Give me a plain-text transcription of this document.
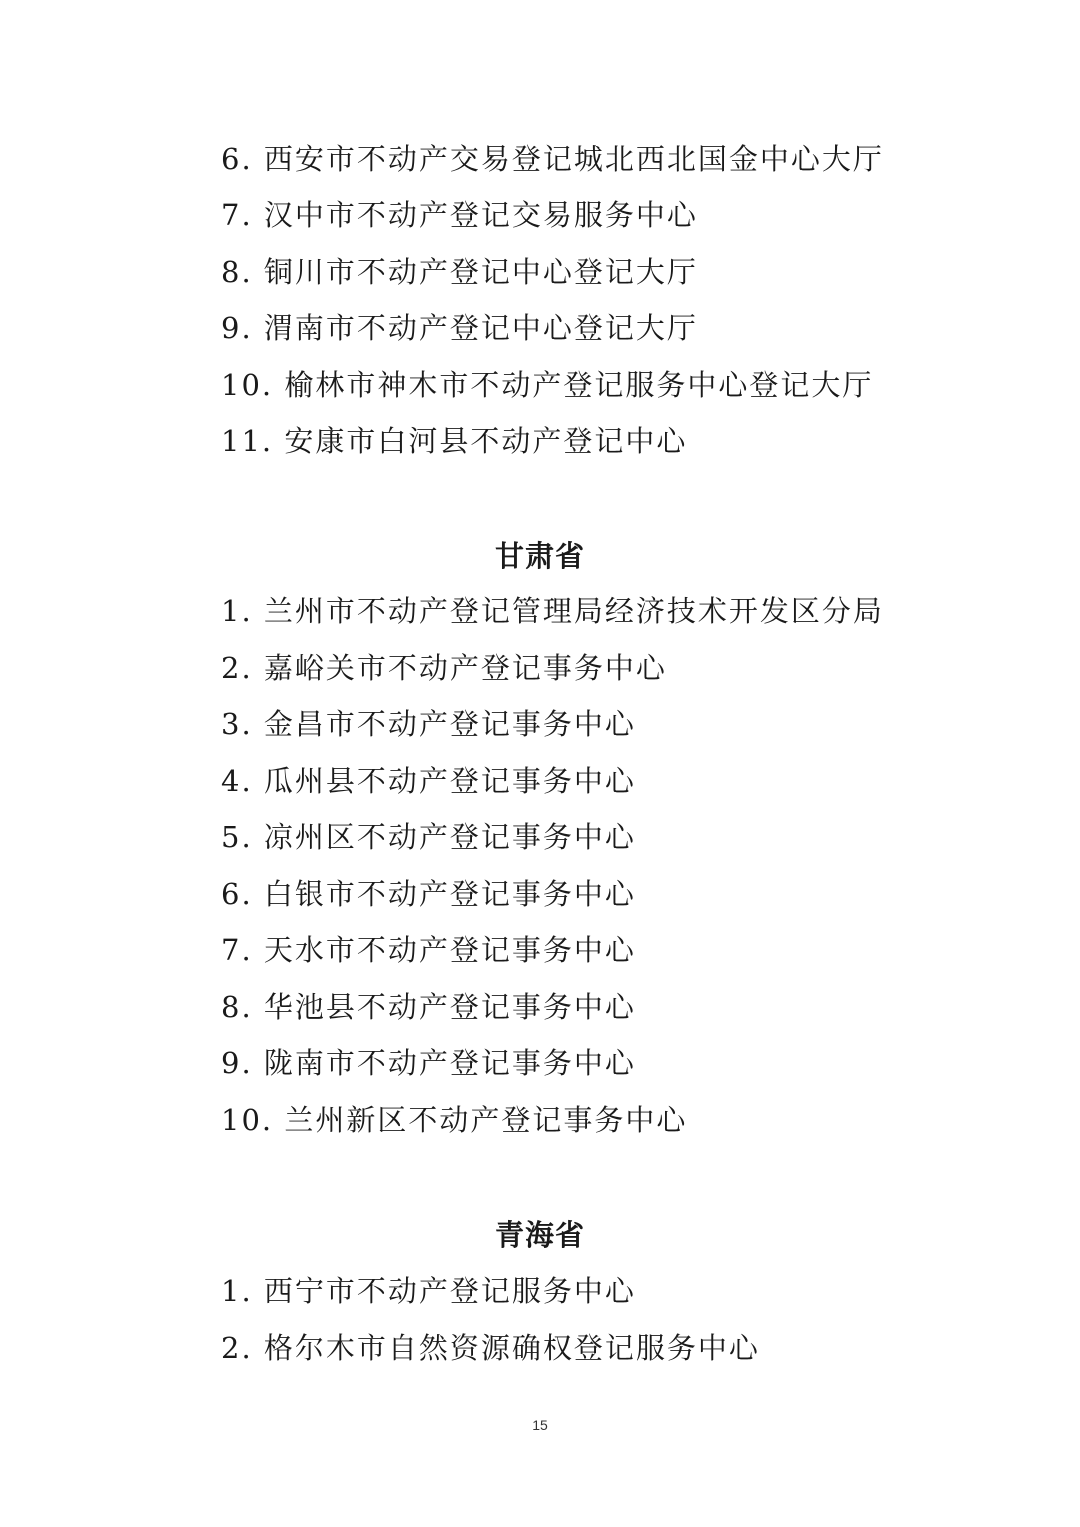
6. 西安市不动产交易登记城北西北国金中心大厅
7. 汉中市不动产登记交易服务中心
8. 铜川市不动产登记中心登记大厅
9. 渭南市不动产登记中心登记大厅
10. 榆林市神木市不动产登记服务中心登记大厅
11. 安康市白河县不动产登记中心
甘肃省
1. 兰州市不动产登记管理局经济技术开发区分局
2. 嘉峪关市不动产登记事务中心
3. 金昌市不动产登记事务中心
4. 瓜州县不动产登记事务中心
5. 凉州区不动产登记事务中心
6. 白银市不动产登记事务中心
7. 天水市不动产登记事务中心
8. 华池县不动产登记事务中心
9. 陇南市不动产登记事务中心
10. 兰州新区不动产登记事务中心
青海省
1. 西宁市不动产登记服务中心
2. 格尔木市自然资源确权登记服务中心
15
